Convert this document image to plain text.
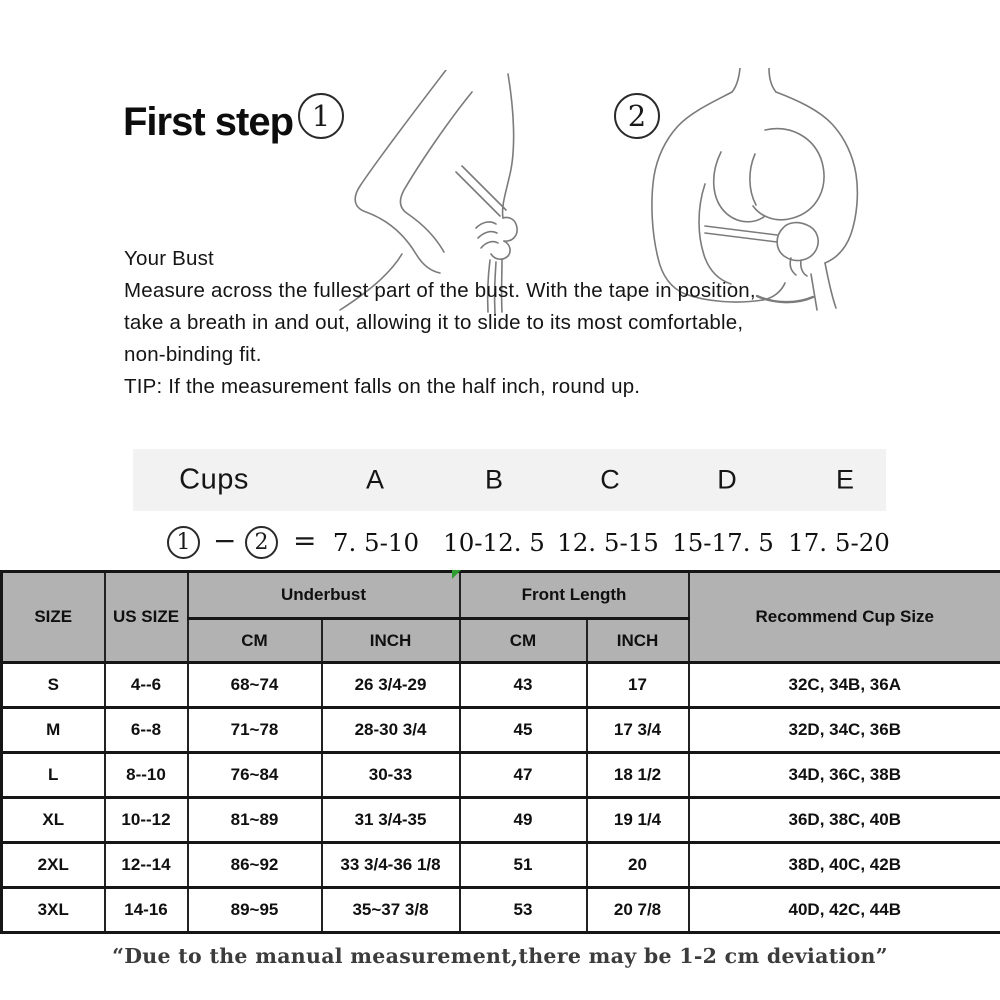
First step 1	2
Your Bust
Measure across the fullest part of the bust. With the tape in position,
take a breath in and out, allowing it to slide to its most comfortable,
non-binding fit.
TIP: If the measurement falls on the half inch, round up.
Cups	A	B	C	D	E
1 − 2 = 7. 5-10 10-12. 5 12. 5-15 15-17. 5 17. 5-20
SIZE	US SIZE	Underbust		Front Length		Recommend Cup Size
		CM	INCH	CM	INCH	
S	4--6	68~74	26 3/4-29	43	17	32C, 34B, 36A
M	6--8	71~78	28-30 3/4	45	17 3/4	32D, 34C, 36B
L	8--10	76~84	30-33	47	18 1/2	34D, 36C, 38B
XL	10--12	81~89	31 3/4-35	49	19 1/4	36D, 38C, 40B
2XL	12--14	86~92	33 3/4-36 1/8	51	20	38D, 40C, 42B
3XL	14-16	89~95	35~37 3/8	53	20 7/8	40D, 42C, 44B
“Due to the manual measurement,there may be 1-2 cm deviation”
